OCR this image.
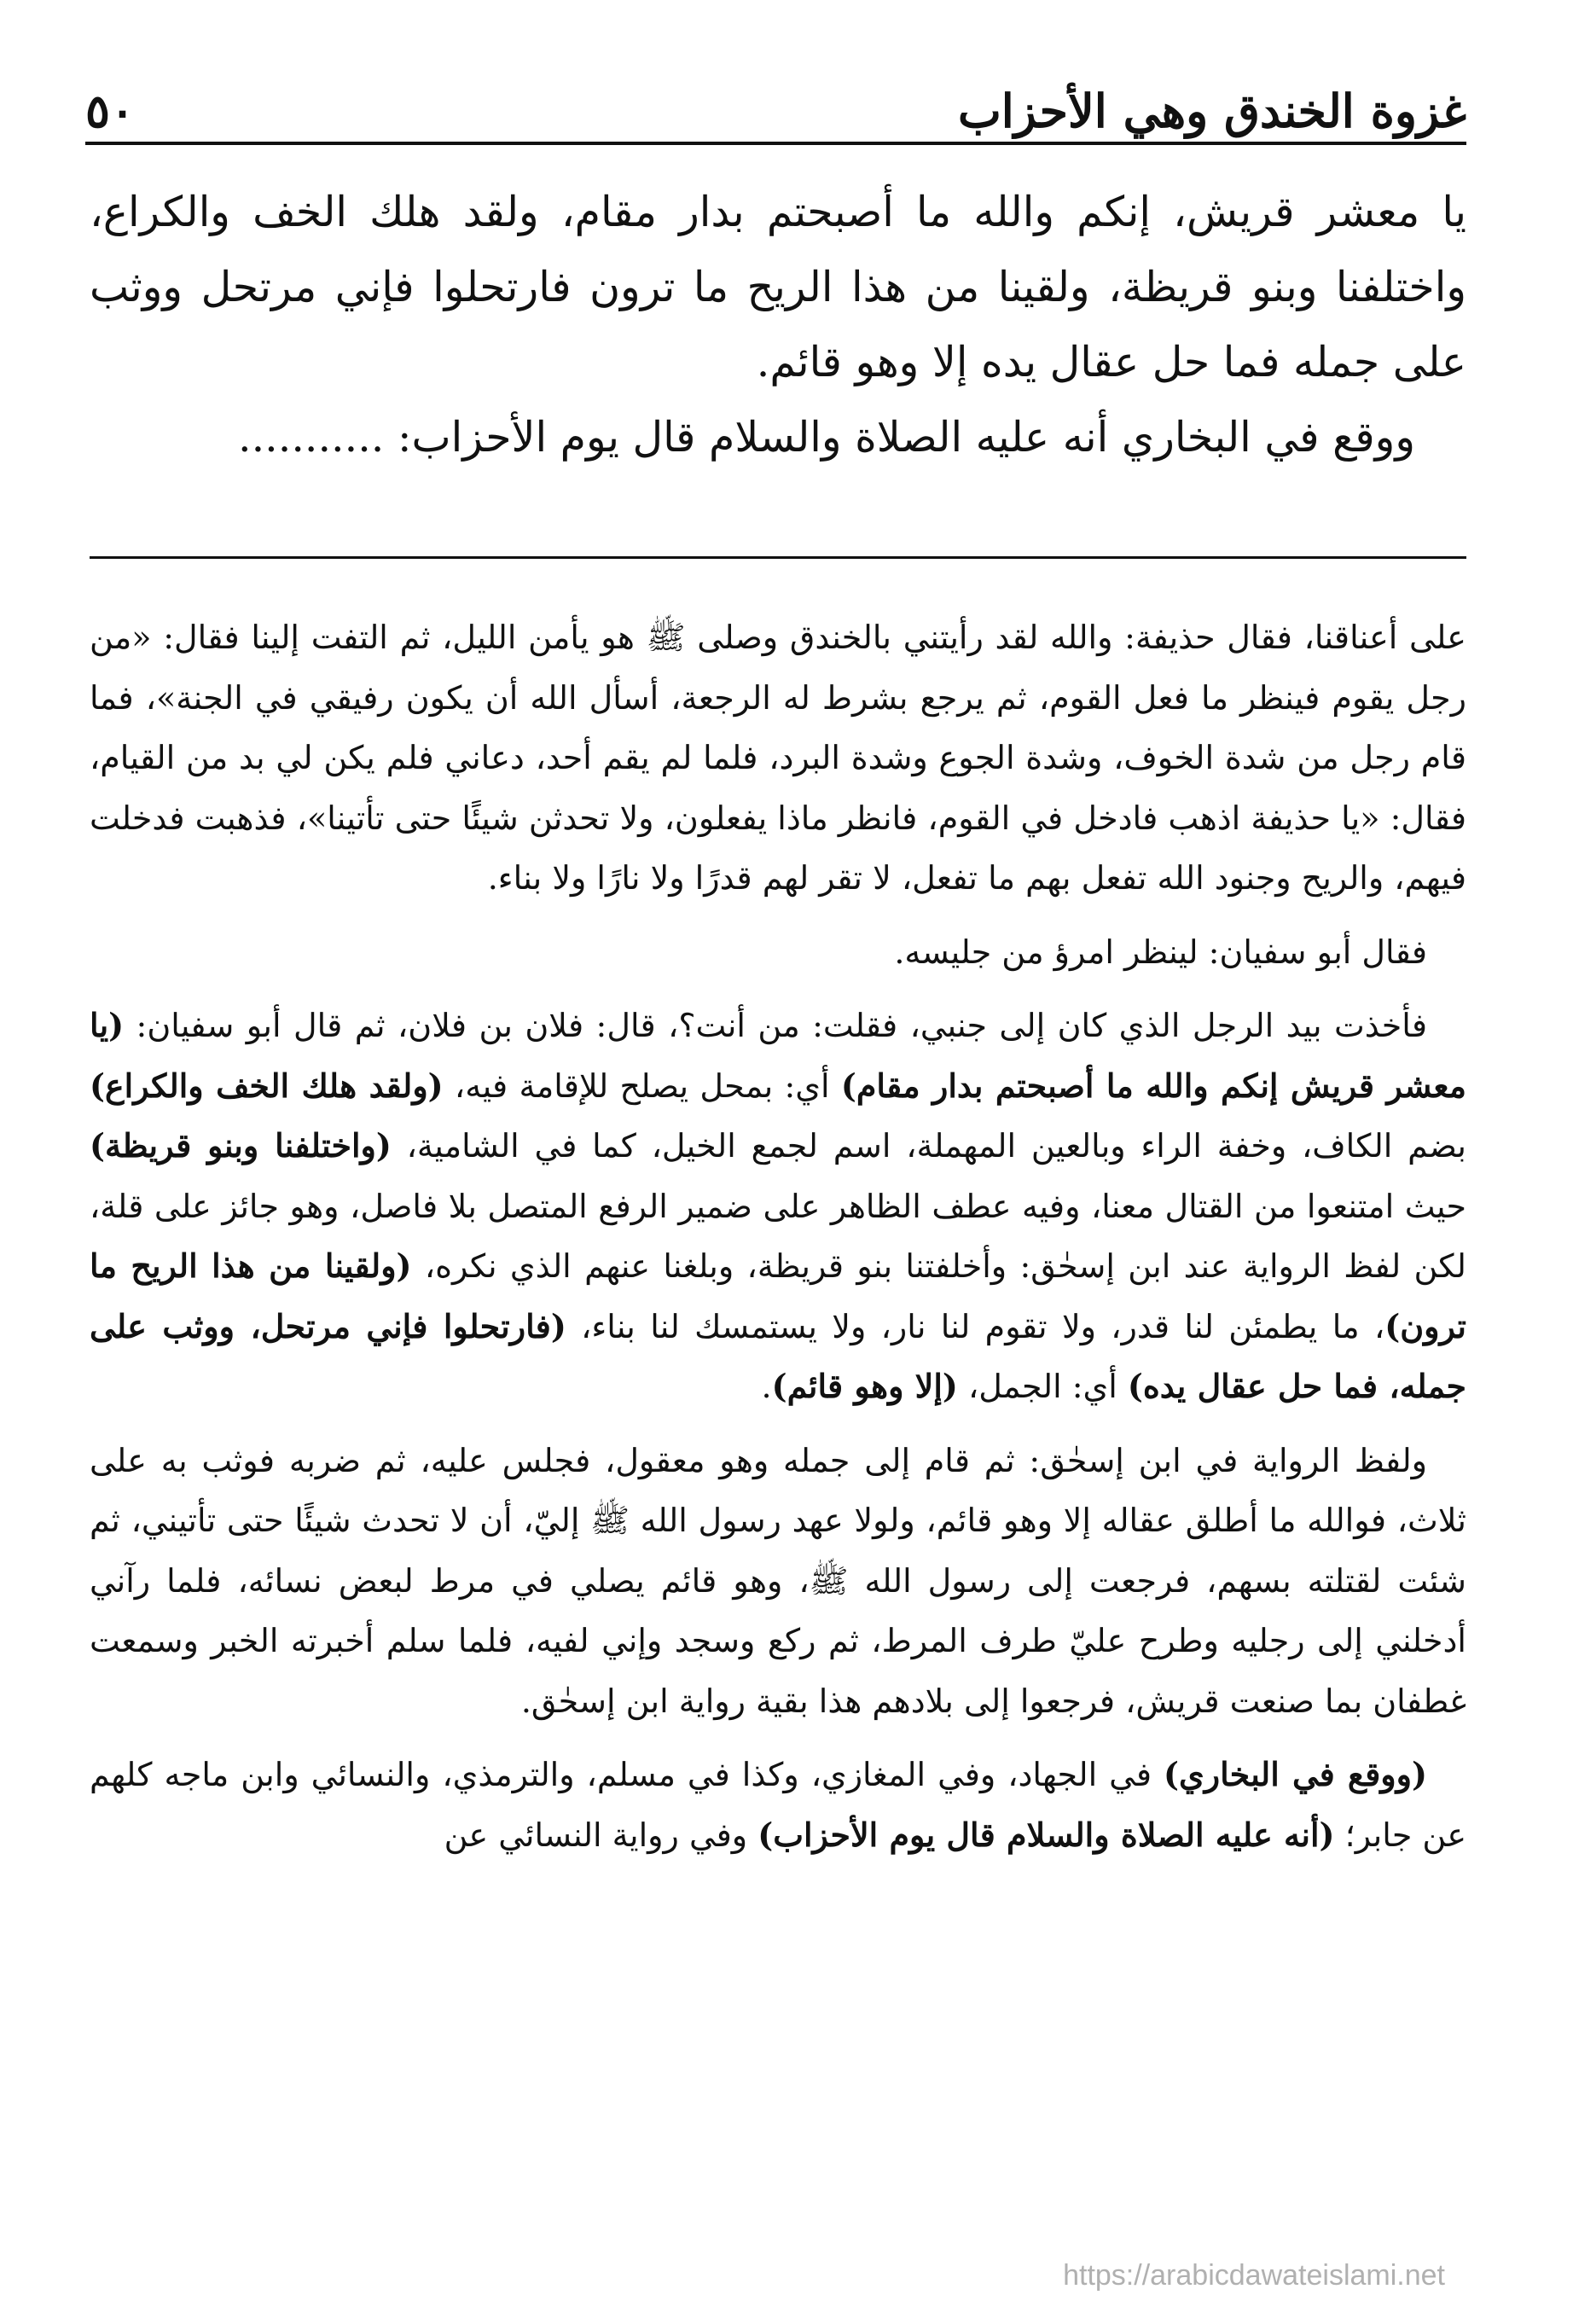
غزوة الخندق وهي الأحزاب
٥٠

يا معشر قريش، إنكم والله ما أصبحتم بدار مقام، ولقد هلك الخف والكراع، واختلفنا وبنو قريظة، ولقينا من هذا الريح ما ترون فارتحلوا فإني مرتحل ووثب على جمله فما حل عقال يده إلا وهو قائم.

ووقع في البخاري أنه عليه الصلاة والسلام قال يوم الأحزاب: ...........

على أعناقنا، فقال حذيفة: والله لقد رأيتني بالخندق وصلى ﷺ هو يأمن الليل، ثم التفت إلينا فقال: «من رجل يقوم فينظر ما فعل القوم، ثم يرجع بشرط له الرجعة، أسأل الله أن يكون رفيقي في الجنة»، فما قام رجل من شدة الخوف، وشدة الجوع وشدة البرد، فلما لم يقم أحد، دعاني فلم يكن لي بد من القيام، فقال: «يا حذيفة اذهب فادخل في القوم، فانظر ماذا يفعلون، ولا تحدثن شيئًا حتى تأتينا»، فذهبت فدخلت فيهم، والريح وجنود الله تفعل بهم ما تفعل، لا تقر لهم قدرًا ولا نارًا ولا بناء.

فقال أبو سفيان: لينظر امرؤ من جليسه.

فأخذت بيد الرجل الذي كان إلى جنبي، فقلت: من أنت؟، قال: فلان بن فلان، ثم قال أبو سفيان: (يا معشر قريش إنكم والله ما أصبحتم بدار مقام) أي: بمحل يصلح للإقامة فيه، (ولقد هلك الخف والكراع) بضم الكاف، وخفة الراء وبالعين المهملة، اسم لجمع الخيل، كما في الشامية، (واختلفنا وبنو قريظة) حيث امتنعوا من القتال معنا، وفيه عطف الظاهر على ضمير الرفع المتصل بلا فاصل، وهو جائز على قلة، لكن لفظ الرواية عند ابن إسحٰق: وأخلفتنا بنو قريظة، وبلغنا عنهم الذي نكره، (ولقينا من هذا الريح ما ترون)، ما يطمئن لنا قدر، ولا تقوم لنا نار، ولا يستمسك لنا بناء، (فارتحلوا فإني مرتحل، ووثب على جمله، فما حل عقال يده) أي: الجمل، (إلا وهو قائم).

ولفظ الرواية في ابن إسحٰق: ثم قام إلى جمله وهو معقول، فجلس عليه، ثم ضربه فوثب به على ثلاث، فوالله ما أطلق عقاله إلا وهو قائم، ولولا عهد رسول الله ﷺ إليّ، أن لا تحدث شيئًا حتى تأتيني، ثم شئت لقتلته بسهم، فرجعت إلى رسول الله ﷺ، وهو قائم يصلي في مرط لبعض نسائه، فلما رآني أدخلني إلى رجليه وطرح عليّ طرف المرط، ثم ركع وسجد وإني لفيه، فلما سلم أخبرته الخبر وسمعت غطفان بما صنعت قريش، فرجعوا إلى بلادهم هذا بقية رواية ابن إسحٰق.

(ووقع في البخاري) في الجهاد، وفي المغازي، وكذا في مسلم، والترمذي، والنسائي وابن ماجه كلهم عن جابر؛ (أنه عليه الصلاة والسلام قال يوم الأحزاب) وفي رواية النسائي عن

https://arabicdawateislami.net
